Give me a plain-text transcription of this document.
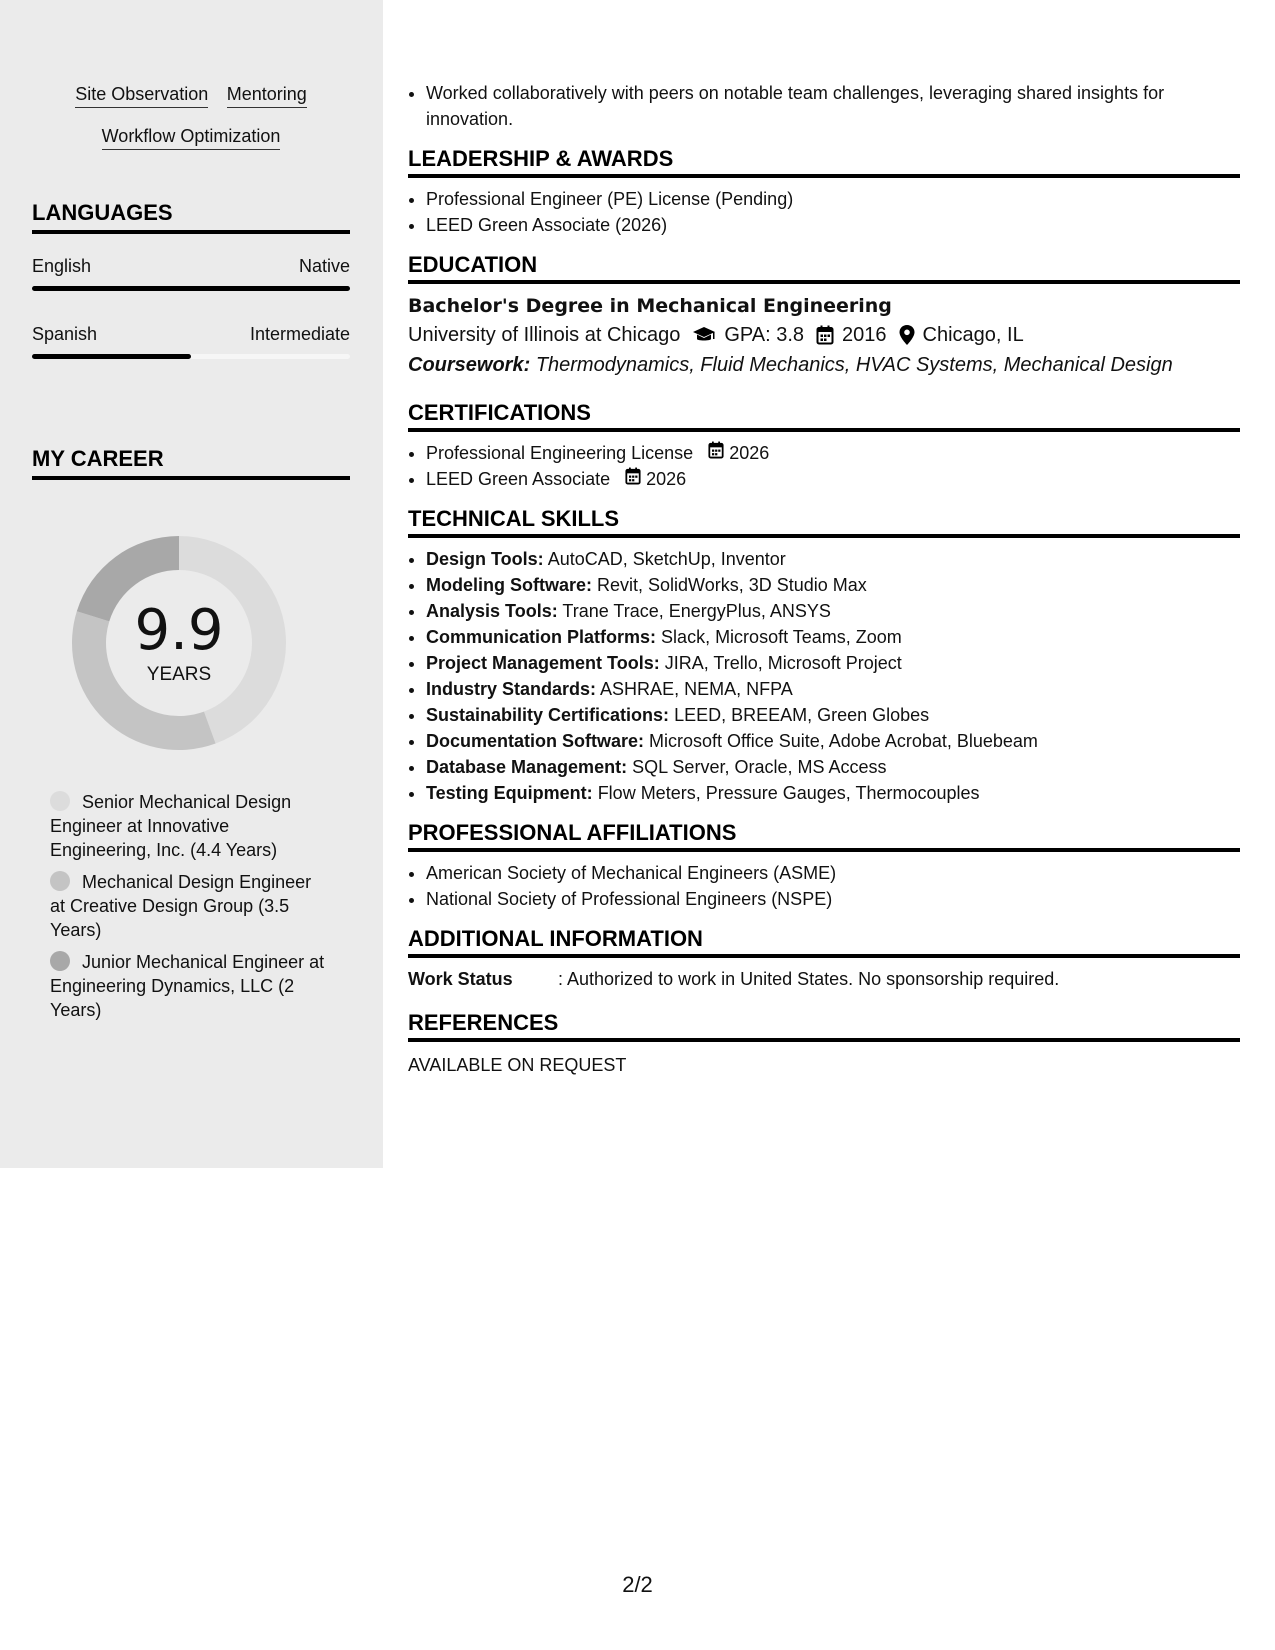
Site Observation Mentoring
Workflow Optimization
LANGUAGES
English	Native
Spanish	Intermediate
MY CAREER
9.9
YEARS
Senior Mechanical Design Engineer at Innovative Engineering, Inc. (4.4 Years)
Mechanical Design Engineer at Creative Design Group (3.5 Years)
Junior Mechanical Engineer at Engineering Dynamics, LLC (2 Years)
• Worked collaboratively with peers on notable team challenges, leveraging shared insights for innovation.
LEADERSHIP & AWARDS
• Professional Engineer (PE) License (Pending)
• LEED Green Associate (2026)
EDUCATION
Bachelor's Degree in Mechanical Engineering
University of Illinois at Chicago GPA: 3.8 2016 Chicago, IL
Coursework: Thermodynamics, Fluid Mechanics, HVAC Systems, Mechanical Design
CERTIFICATIONS
• Professional Engineering License 2026
• LEED Green Associate 2026
TECHNICAL SKILLS
• Design Tools: AutoCAD, SketchUp, Inventor
• Modeling Software: Revit, SolidWorks, 3D Studio Max
• Analysis Tools: Trane Trace, EnergyPlus, ANSYS
• Communication Platforms: Slack, Microsoft Teams, Zoom
• Project Management Tools: JIRA, Trello, Microsoft Project
• Industry Standards: ASHRAE, NEMA, NFPA
• Sustainability Certifications: LEED, BREEAM, Green Globes
• Documentation Software: Microsoft Office Suite, Adobe Acrobat, Bluebeam
• Database Management: SQL Server, Oracle, MS Access
• Testing Equipment: Flow Meters, Pressure Gauges, Thermocouples
PROFESSIONAL AFFILIATIONS
• American Society of Mechanical Engineers (ASME)
• National Society of Professional Engineers (NSPE)
ADDITIONAL INFORMATION
Work Status	: Authorized to work in United States. No sponsorship required.
REFERENCES
AVAILABLE ON REQUEST
2/2
